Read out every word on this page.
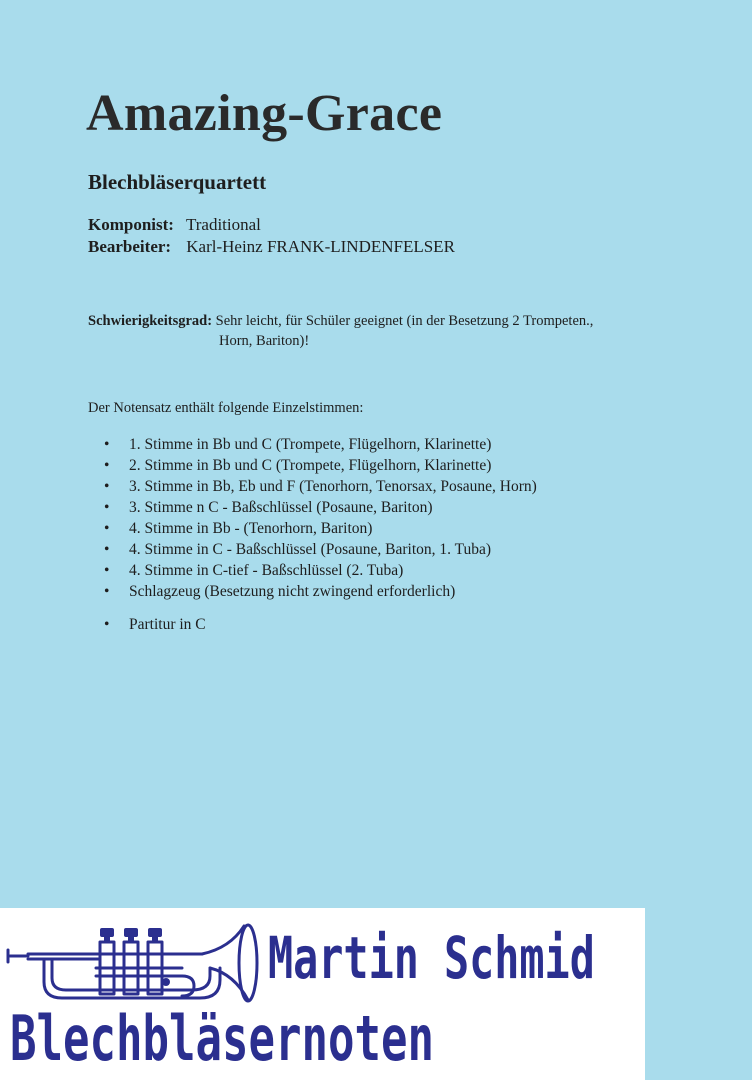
Amazing-Grace
Blechbläserquartett
Komponist: Traditional
Bearbeiter: Karl-Heinz FRANK-LINDENFELSER
Schwierigkeitsgrad: Sehr leicht, für Schüler geeignet (in der Besetzung 2 Trompeten.,
Horn, Bariton)!
Der Notensatz enthält folgende Einzelstimmen:
• 1. Stimme in Bb und C (Trompete, Flügelhorn, Klarinette)
• 2. Stimme in Bb und C (Trompete, Flügelhorn, Klarinette)
• 3. Stimme in Bb, Eb und F (Tenorhorn, Tenorsax, Posaune, Horn)
• 3. Stimme n C - Baßschlüssel (Posaune, Bariton)
• 4. Stimme in Bb - (Tenorhorn, Bariton)
• 4. Stimme in C - Baßschlüssel (Posaune, Bariton, 1. Tuba)
• 4. Stimme in C-tief - Baßschlüssel (2. Tuba)
• Schlagzeug (Besetzung nicht zwingend erforderlich)
• Partitur in C

Martin Schmid

Blechbläsernoten
